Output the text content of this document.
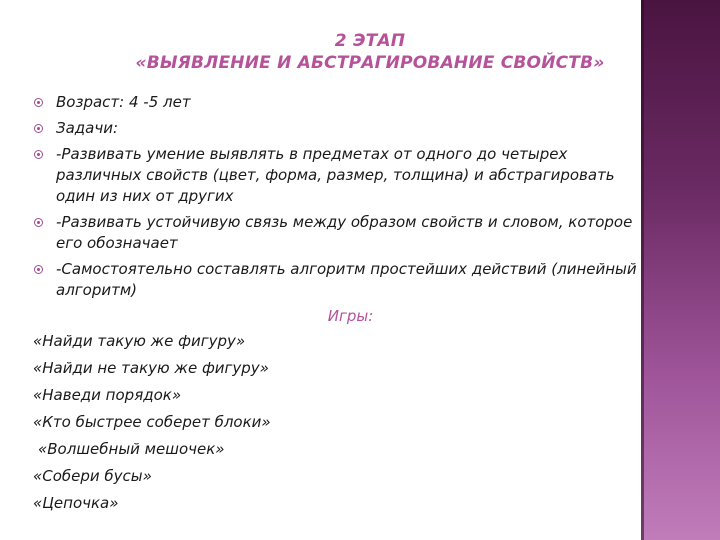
2 ЭТАП
«ВЫЯВЛЕНИЕ И АБСТРАГИРОВАНИЕ СВОЙСТВ»
Возраст: 4 -5 лет
Задачи:
-Развивать умение выявлять в предметах от одного до четырех различных свойств (цвет, форма, размер, толщина) и абстрагировать один из них от других
-Развивать устойчивую связь между образом свойств и словом, которое его обозначает
-Самостоятельно составлять алгоритм простейших действий (линейный алгоритм)
Игры:
«Найди такую же фигуру»
«Найди не такую же фигуру»
«Наведи порядок»
«Кто быстрее соберет блоки»
«Волшебный мешочек»
«Собери бусы»
«Цепочка»
